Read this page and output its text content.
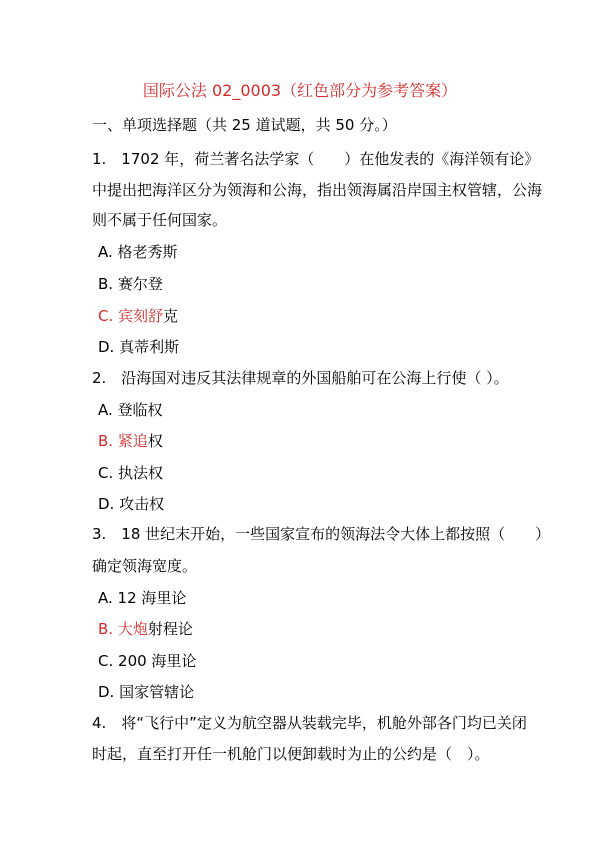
国际公法 02_0003（红色部分为参考答案）
一、单项选择题（共 25 道试题，共 50 分。）
1.　1702 年，荷兰著名法学家（　　）在他发表的《海洋领有论》
中提出把海洋区分为领海和公海，指出领海属沿岸国主权管辖，公海
则不属于任何国家。
A. 格老秀斯
B. 赛尔登
C. 宾刻舒克
D. 真蒂利斯
2.　沿海国对违反其法律规章的外国船舶可在公海上行使（ ）。
A. 登临权
B. 紧追权
C. 执法权
D. 攻击权
3.　18 世纪末开始，一些国家宣布的领海法令大体上都按照（　　）
确定领海宽度。
A. 12 海里论
B. 大炮射程论
C. 200 海里论
D. 国家管辖论
4.　将“飞行中”定义为航空器从装载完毕，机舱外部各门均已关闭
时起，直至打开任一机舱门以便卸载时为止的公约是（　）。
